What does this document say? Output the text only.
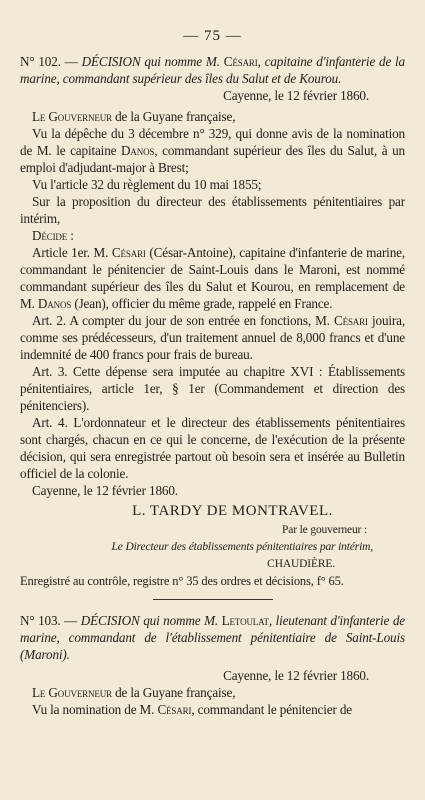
— 75 —

N° 102. — DÉCISION qui nomme M. Césari, capitaine d'infanterie de la marine, commandant supérieur des îles du Salut et de Kourou.

Cayenne, le 12 février 1860.

Le Gouverneur de la Guyane française,

Vu la dépêche du 3 décembre n° 329, qui donne avis de la nomination de M. le capitaine Danos, commandant supérieur des îles du Salut, à un emploi d'adjudant-major à Brest;

Vu l'article 32 du règlement du 10 mai 1855;

Sur la proposition du directeur des établissements pénitentiaires par intérim,

Décide :

Article 1er. M. Césari (César-Antoine), capitaine d'infanterie de marine, commandant le pénitencier de Saint-Louis dans le Maroni, est nommé commandant supérieur des îles du Salut et Kourou, en remplacement de M. Danos (Jean), officier du même grade, rappelé en France.

Art. 2. A compter du jour de son entrée en fonctions, M. Césari jouira, comme ses prédécesseurs, d'un traitement annuel de 8,000 francs et d'une indemnité de 400 francs pour frais de bureau.

Art. 3. Cette dépense sera imputée au chapitre XVI : Établissements pénitentiaires, article 1er, § 1er (Commandement et direction des pénitenciers).

Art. 4. L'ordonnateur et le directeur des établissements pénitentiaires sont chargés, chacun en ce qui le concerne, de l'exécution de la présente décision, qui sera enregistrée partout où besoin sera et insérée au Bulletin officiel de la colonie.

Cayenne, le 12 février 1860.

L. TARDY DE MONTRAVEL.

Par le gouverneur :

Le Directeur des établissements pénitentiaires par intérim,

CHAUDIÈRE.

Enregistré au contrôle, registre n° 35 des ordres et décisions, f° 65.

N° 103. — DÉCISION qui nomme M. Letoulat, lieutenant d'infanterie de marine, commandant de l'établissement pénitentiaire de Saint-Louis (Maroni).

Cayenne, le 12 février 1860.

Le Gouverneur de la Guyane française,

Vu la nomination de M. Césari, commandant le pénitencier de
